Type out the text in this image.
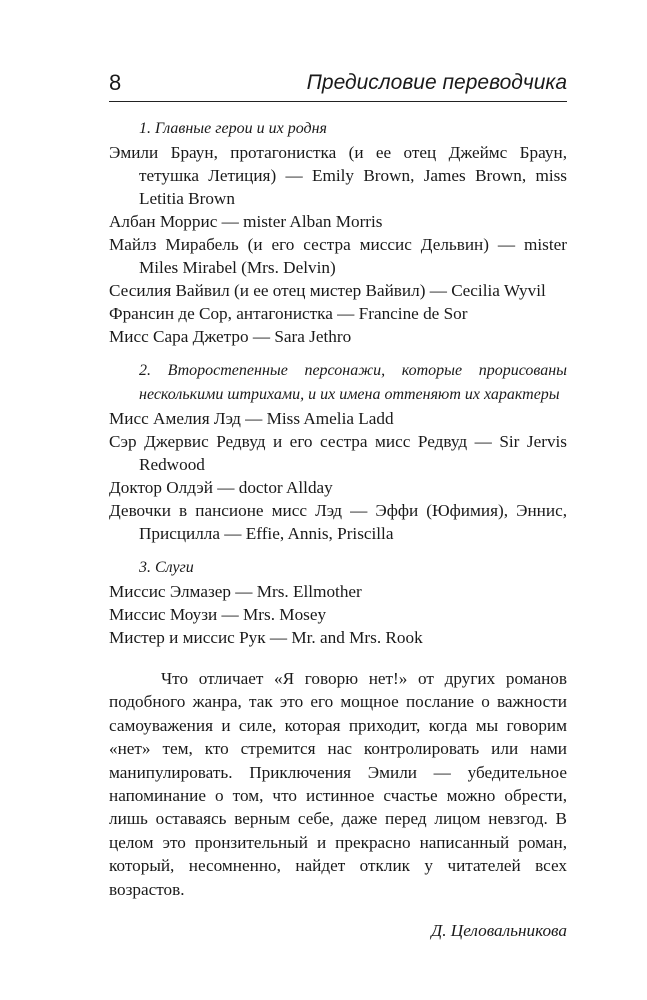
8	Предисловие переводчика

1. Главные герои и их родня

Эмили Браун, протагонистка (и ее отец Джеймс Браун, тетушка Летиция) — Emily Brown, James Brown, miss Letitia Brown

Албан Моррис — mister Alban Morris

Майлз Мирабель (и его сестра миссис Дельвин) — mister Miles Mirabel (Mrs. Delvin)

Сесилия Вайвил (и ее отец мистер Вайвил) — Cecilia Wyvil

Франсин де Сор, антагонистка — Francine de Sor

Мисс Сара Джетро — Sara Jethro

2. Второстепенные персонажи, которые прорисованы несколькими штрихами, и их имена оттеняют их характеры

Мисс Амелия Лэд — Miss Amelia Ladd

Сэр Джервис Редвуд и его сестра мисс Редвуд — Sir Jervis Redwood

Доктор Олдэй — doctor Allday

Девочки в пансионе мисс Лэд — Эффи (Юфимия), Эннис, Присцилла — Effie, Annis, Priscilla

3. Слуги

Миссис Элмазер — Mrs. Ellmother

Миссис Моузи — Mrs. Mosey

Мистер и миссис Рук — Mr. and Mrs. Rook

Что отличает «Я говорю нет!» от других романов подобного жанра, так это его мощное послание о важности самоуважения и силе, которая приходит, когда мы говорим «нет» тем, кто стремится нас контролировать или нами манипулировать. Приключения Эмили — убедительное напоминание о том, что истинное счастье можно обрести, лишь оставаясь верным себе, даже перед лицом невзгод. В целом это пронзительный и прекрасно написанный роман, который, несомненно, найдет отклик у читателей всех возрастов.

Д. Целовальникова
